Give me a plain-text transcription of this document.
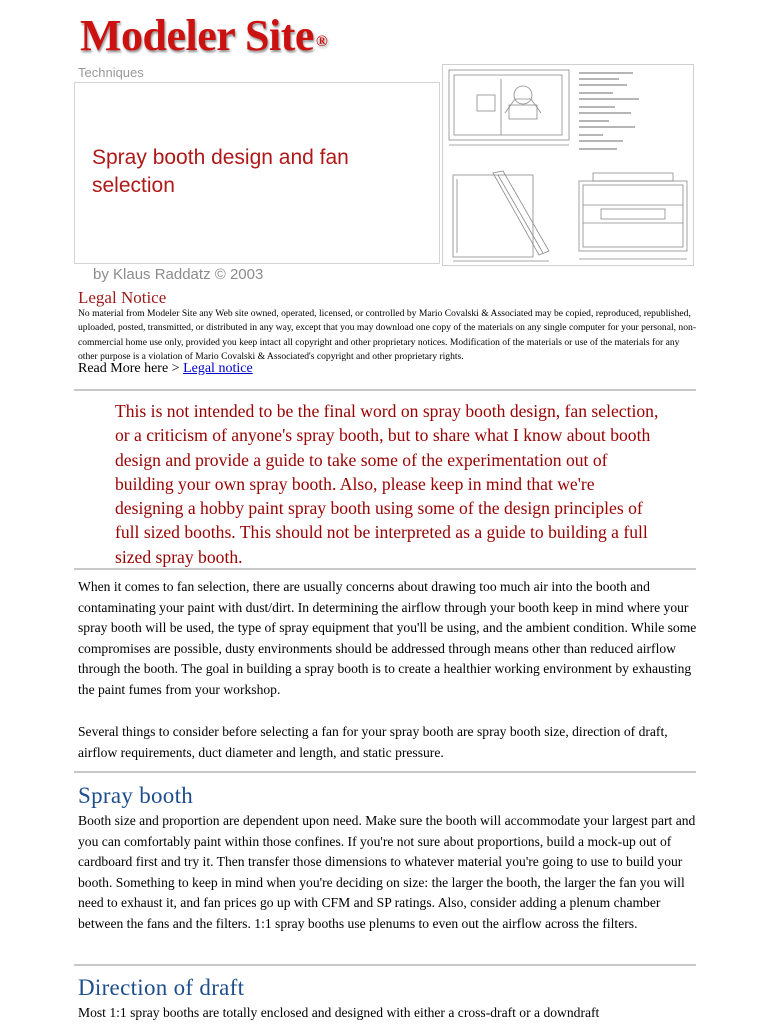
Modeler Site ®
Techniques
Spray booth design and fan selection
by Klaus Raddatz © 2003
Legal Notice
No material from Modeler Site any Web site owned, operated, licensed, or controlled by Mario Covalski & Associated may be copied, reproduced, republished, uploaded, posted, transmitted, or distributed in any way, except that you may download one copy of the materials on any single computer for your personal, non-commercial home use only, provided you keep intact all copyright and other proprietary notices. Modification of the materials or use of the materials for any other purpose is a violation of Mario Covalski & Associated's copyright and other proprietary rights.
Read More here > Legal notice
This is not intended to be the final word on spray booth design, fan selection, or a criticism of anyone's spray booth, but to share what I know about booth design and provide a guide to take some of the experimentation out of building your own spray booth. Also, please keep in mind that we're designing a hobby paint spray booth using some of the design principles of full sized booths. This should not be interpreted as a guide to building a full sized spray booth.
When it comes to fan selection, there are usually concerns about drawing too much air into the booth and contaminating your paint with dust/dirt. In determining the airflow through your booth keep in mind where your spray booth will be used, the type of spray equipment that you'll be using, and the ambient condition. While some compromises are possible, dusty environments should be addressed through means other than reduced airflow through the booth. The goal in building a spray booth is to create a healthier working environment by exhausting the paint fumes from your workshop.
Several things to consider before selecting a fan for your spray booth are spray booth size, direction of draft, airflow requirements, duct diameter and length, and static pressure.
Spray booth
Booth size and proportion are dependent upon need. Make sure the booth will accommodate your largest part and you can comfortably paint within those confines. If you're not sure about proportions, build a mock-up out of cardboard first and try it. Then transfer those dimensions to whatever material you're going to use to build your booth. Something to keep in mind when you're deciding on size: the larger the booth, the larger the fan you will need to exhaust it, and fan prices go up with CFM and SP ratings. Also, consider adding a plenum chamber between the fans and the filters. 1:1 spray booths use plenums to even out the airflow across the filters.
Direction of draft
Most 1:1 spray booths are totally enclosed and designed with either a cross-draft or a downdraft
